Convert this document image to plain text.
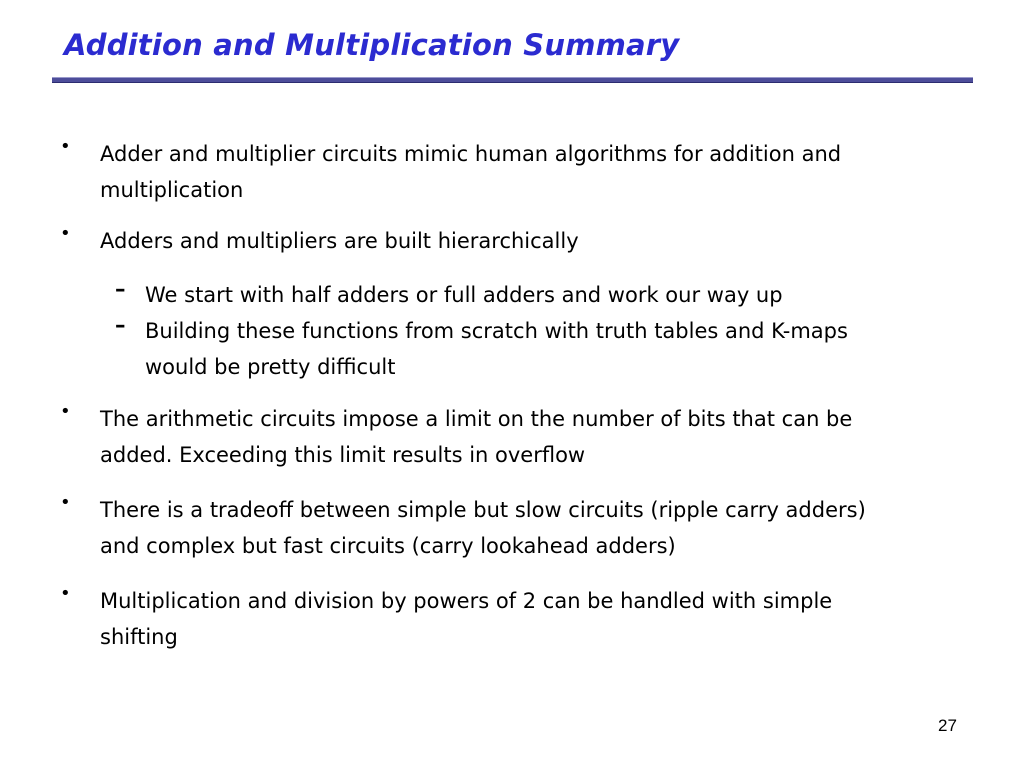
Addition and Multiplication Summary
• Adder and multiplier circuits mimic human algorithms for addition and
multiplication
• Adders and multipliers are built hierarchically
– We start with half adders or full adders and work our way up
– Building these functions from scratch with truth tables and K-maps
would be pretty difficult
• The arithmetic circuits impose a limit on the number of bits that can be
added. Exceeding this limit results in overflow
• There is a tradeoff between simple but slow circuits (ripple carry adders)
and complex but fast circuits (carry lookahead adders)
• Multiplication and division by powers of 2 can be handled with simple
shifting
27
